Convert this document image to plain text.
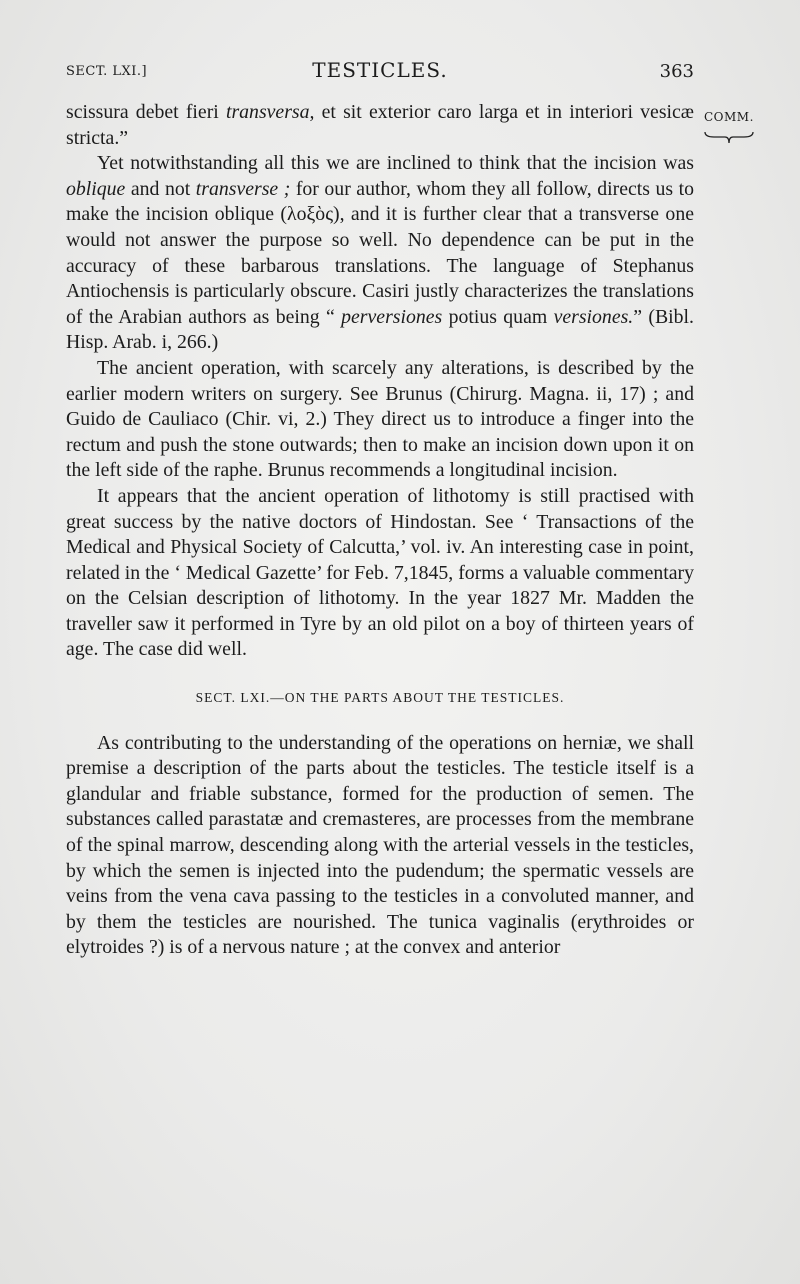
SECT. LXI.]	TESTICLES.	363
COMM.

scissura debet fieri transversa, et sit exterior caro larga et in interiori vesicæ stricta.”

Yet notwithstanding all this we are inclined to think that the incision was oblique and not transverse ; for our author, whom they all follow, directs us to make the incision oblique (λοξὸς), and it is further clear that a transverse one would not answer the purpose so well. No dependence can be put in the accuracy of these barbarous translations. The language of Stephanus Antiochensis is particularly obscure. Casiri justly characterizes the translations of the Arabian authors as being “ perversiones potius quam versiones.” (Bibl. Hisp. Arab. i, 266.)

The ancient operation, with scarcely any alterations, is described by the earlier modern writers on surgery. See Brunus (Chirurg. Magna. ii, 17) ; and Guido de Cauliaco (Chir. vi, 2.) They direct us to introduce a finger into the rectum and push the stone outwards; then to make an incision down upon it on the left side of the raphe. Brunus recommends a longitudinal incision.

It appears that the ancient operation of lithotomy is still practised with great success by the native doctors of Hindostan. See ‘ Transactions of the Medical and Physical Society of Calcutta,’ vol. iv. An interesting case in point, related in the ‘ Medical Gazette’ for Feb. 7,1845, forms a valuable commentary on the Celsian description of lithotomy. In the year 1827 Mr. Madden the traveller saw it performed in Tyre by an old pilot on a boy of thirteen years of age. The case did well.

SECT. LXI.—ON THE PARTS ABOUT THE TESTICLES.

As contributing to the understanding of the operations on herniæ, we shall premise a description of the parts about the testicles. The testicle itself is a glandular and friable substance, formed for the production of semen. The substances called parastatæ and cremasteres, are processes from the membrane of the spinal marrow, descending along with the arterial vessels in the testicles, by which the semen is injected into the pudendum; the spermatic vessels are veins from the vena cava passing to the testicles in a convoluted manner, and by them the testicles are nourished. The tunica vaginalis (erythroides or elytroides ?) is of a nervous nature ; at the convex and anterior
